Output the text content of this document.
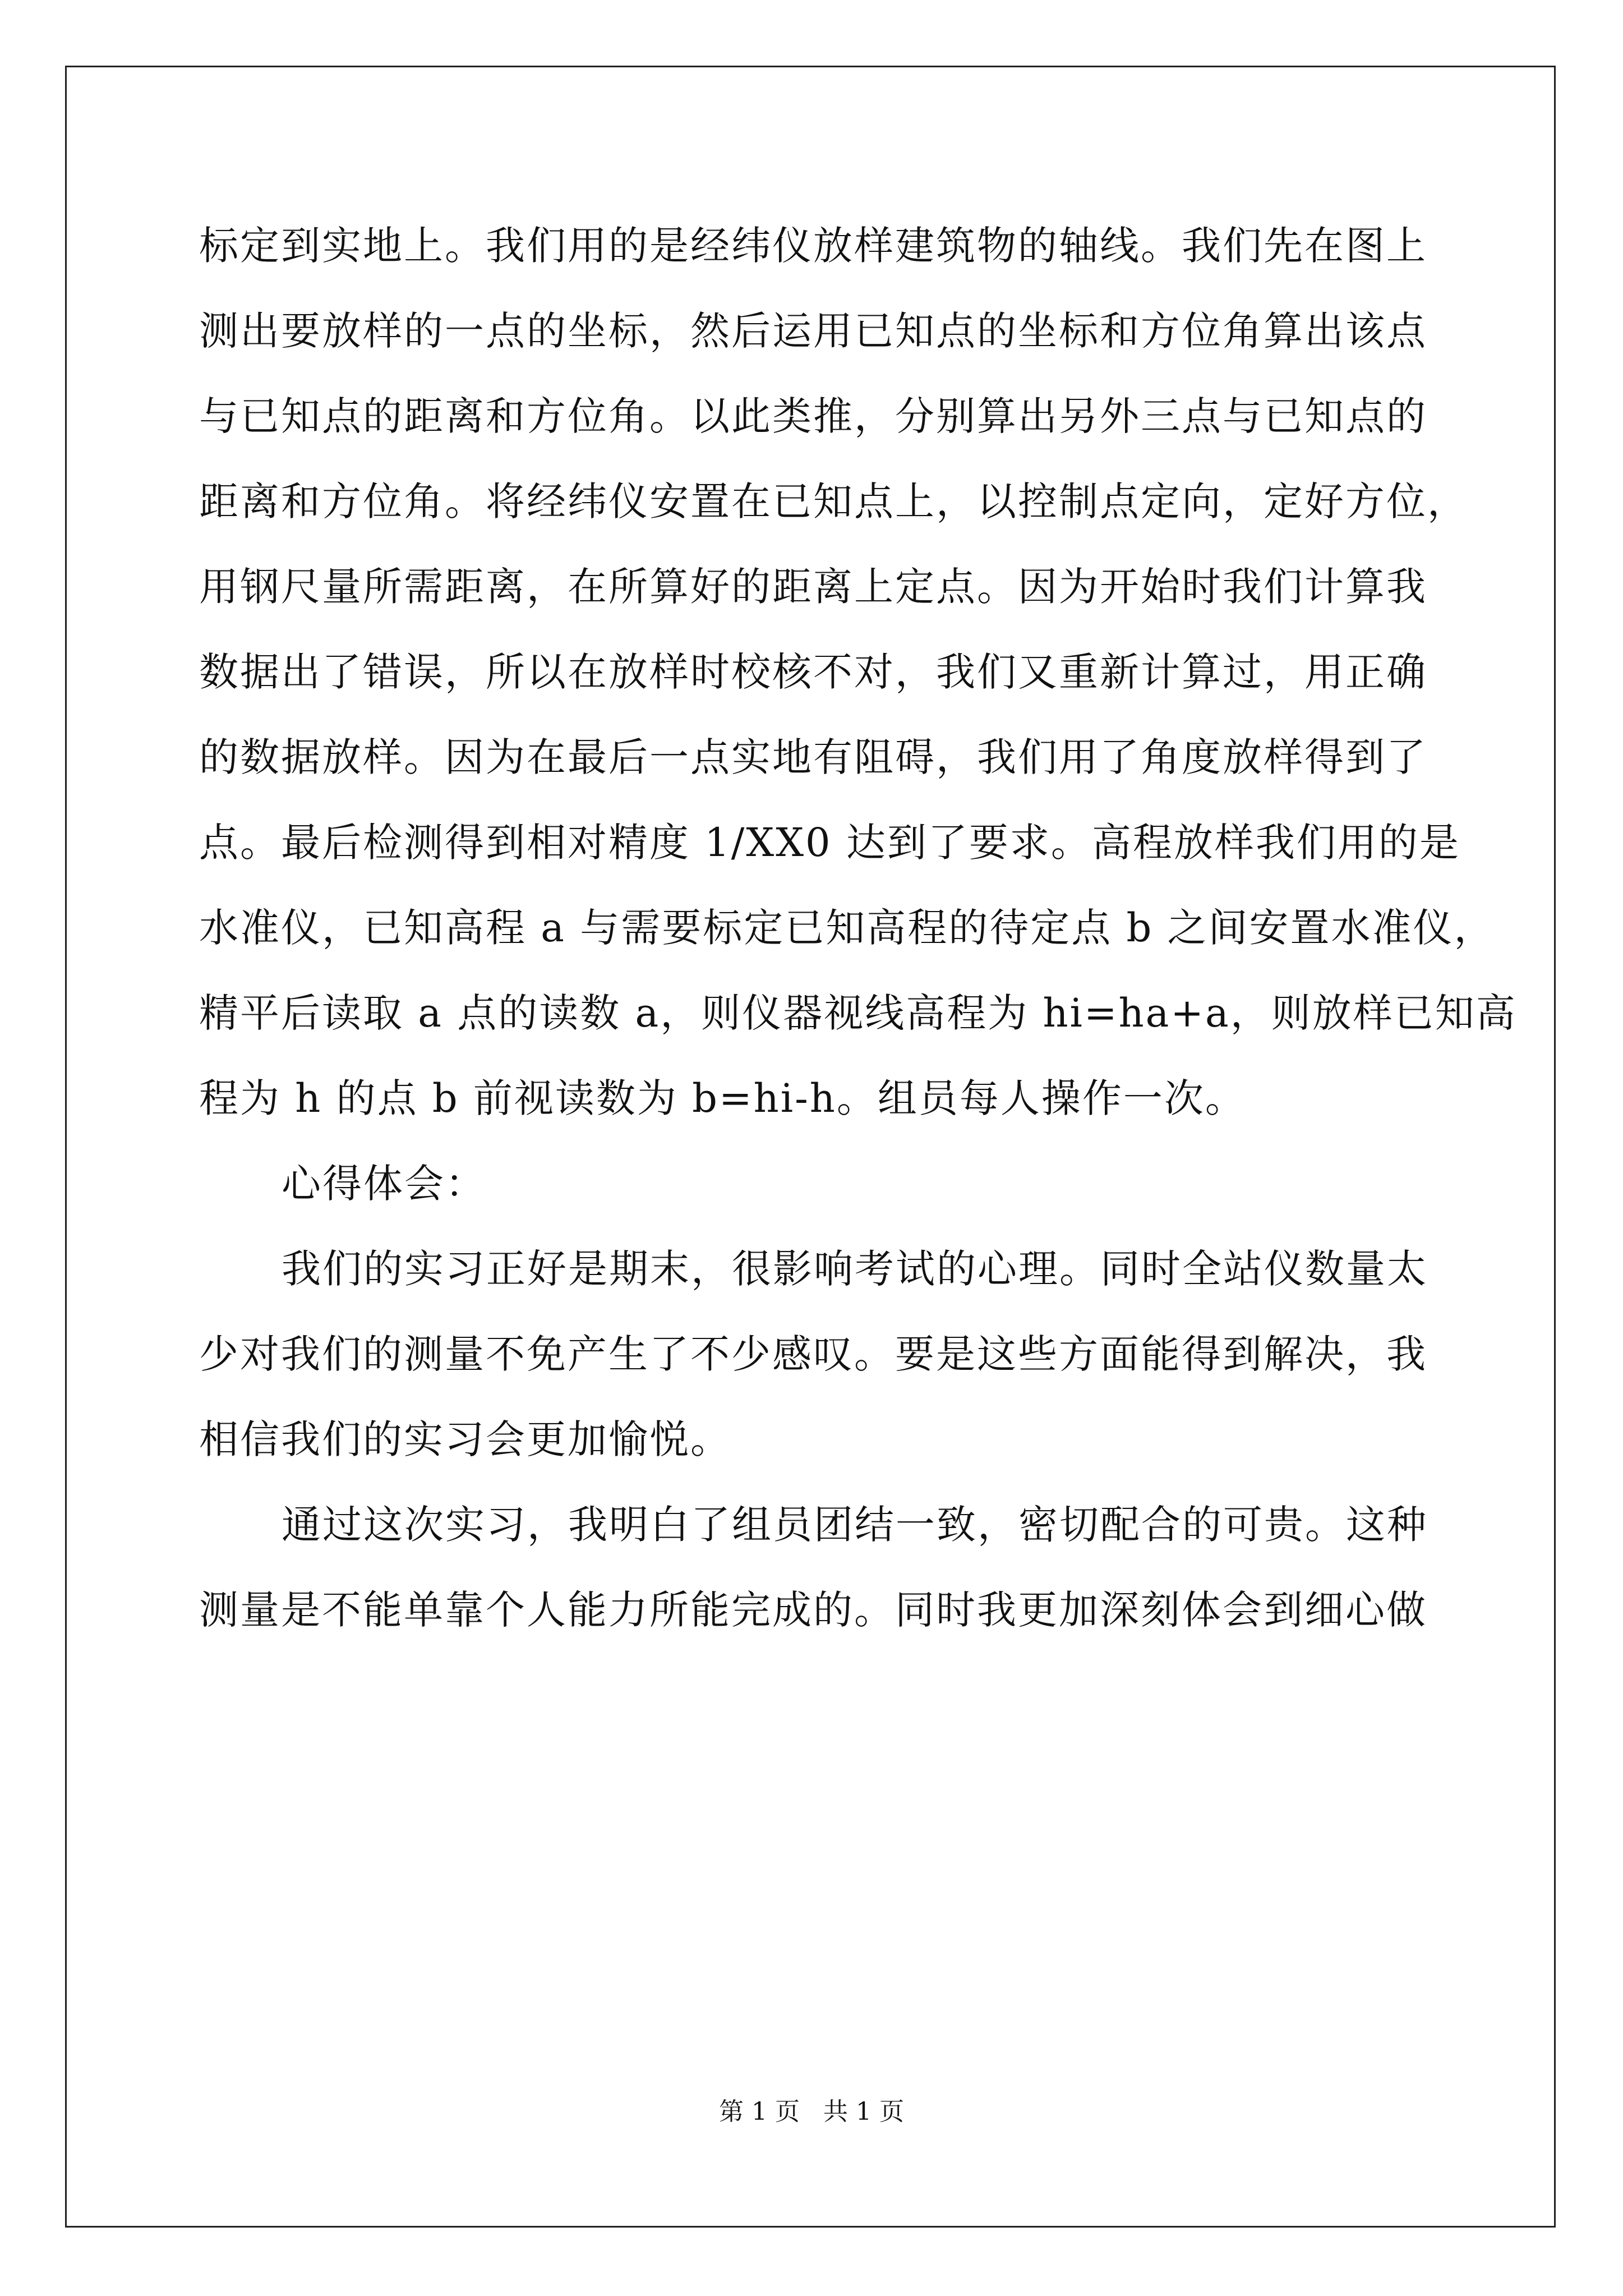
标定到实地上。我们用的是经纬仪放样建筑物的轴线。我们先在图上
测出要放样的一点的坐标，然后运用已知点的坐标和方位角算出该点
与已知点的距离和方位角。以此类推，分别算出另外三点与已知点的
距离和方位角。将经纬仪安置在已知点上，以控制点定向，定好方位，
用钢尺量所需距离，在所算好的距离上定点。因为开始时我们计算我
数据出了错误，所以在放样时校核不对，我们又重新计算过，用正确
的数据放样。因为在最后一点实地有阻碍，我们用了角度放样得到了
点。最后检测得到相对精度 1/XX0 达到了要求。高程放样我们用的是
水准仪，已知高程 a 与需要标定已知高程的待定点 b 之间安置水准仪，
精平后读取 a 点的读数 a，则仪器视线高程为 hi=ha+a，则放样已知高
程为 h 的点 b 前视读数为 b=hi-h。组员每人操作一次。
心得体会：
我们的实习正好是期末，很影响考试的心理。同时全站仪数量太
少对我们的测量不免产生了不少感叹。要是这些方面能得到解决，我
相信我们的实习会更加愉悦。
通过这次实习，我明白了组员团结一致，密切配合的可贵。这种
测量是不能单靠个人能力所能完成的。同时我更加深刻体会到细心做
第 1 页   共 1 页
